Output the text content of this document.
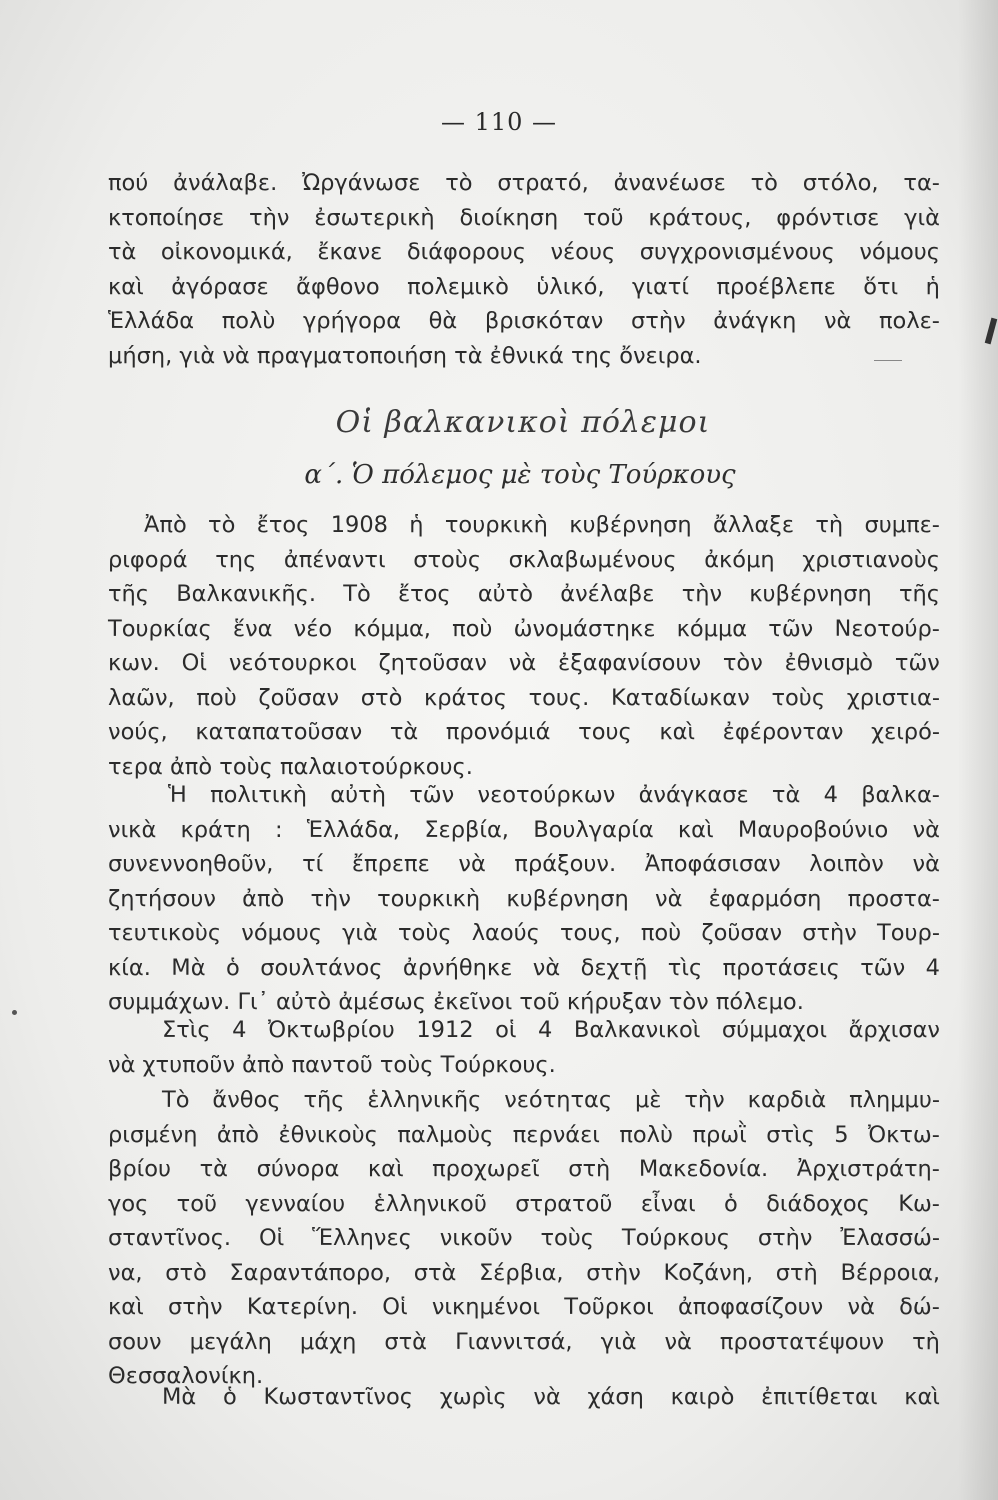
— 110 —
πού ἀνάλαβε. Ὠργάνωσε τὸ στρατό, ἀνανέωσε τὸ στόλο, τα-
κτοποίησε τὴν ἐσωτερικὴ διοίκηση τοῦ κράτους, φρόντισε γιὰ
τὰ οἰκονομικά, ἔκανε διάφορους νέους συγχρονισμένους νόμους
καὶ ἀγόρασε ἄφθονο πολεμικὸ ὑλικό, γιατί προέβλεπε ὅτι ἡ
Ἑλλάδα πολὺ γρήγορα θὰ βρισκόταν στὴν ἀνάγκη νὰ πολε-
μήση, γιὰ νὰ πραγματοποιήση τὰ ἐθνικά της ὄνειρα.
Οἱ βαλκανικοὶ πόλεμοι
α΄. Ὁ πόλεμος μὲ τοὺς Τούρκους
Ἀπὸ τὸ ἔτος 1908 ἡ τουρκικὴ κυβέρνηση ἄλλαξε τὴ συμπε-
ριφορά της ἀπέναντι στοὺς σκλαβωμένους ἀκόμη χριστιανοὺς
τῆς Βαλκανικῆς. Τὸ ἔτος αὐτὸ ἀνέλαβε τὴν κυβέρνηση τῆς
Τουρκίας ἕνα νέο κόμμα, ποὺ ὠνομάστηκε κόμμα τῶν Νεοτούρ-
κων. Οἱ νεότουρκοι ζητοῦσαν νὰ ἐξαφανίσουν τὸν ἐθνισμὸ τῶν
λαῶν, ποὺ ζοῦσαν στὸ κράτος τους. Καταδίωκαν τοὺς χριστια-
νούς, καταπατοῦσαν τὰ προνόμιά τους καὶ ἐφέρονταν χειρό-
τερα ἀπὸ τοὺς παλαιοτούρκους.
Ἡ πολιτικὴ αὐτὴ τῶν νεοτούρκων ἀνάγκασε τὰ 4 βαλκα-
νικὰ κράτη : Ἑλλάδα, Σερβία, Βουλγαρία καὶ Μαυροβούνιο νὰ
συνεννοηθοῦν, τί ἔπρεπε νὰ πράξουν. Ἀποφάσισαν λοιπὸν νὰ
ζητήσουν ἀπὸ τὴν τουρκικὴ κυβέρνηση νὰ ἐφαρμόση προστα-
τευτικοὺς νόμους γιὰ τοὺς λαούς τους, ποὺ ζοῦσαν στὴν Τουρ-
κία. Μὰ ὁ σουλτάνος ἀρνήθηκε νὰ δεχτῇ τὶς προτάσεις τῶν 4
συμμάχων. Γι᾽ αὐτὸ ἀμέσως ἐκεῖνοι τοῦ κήρυξαν τὸν πόλεμο.
Στὶς 4 Ὀκτωβρίου 1912 οἱ 4 Βαλκανικοὶ σύμμαχοι ἄρχισαν
νὰ χτυποῦν ἀπὸ παντοῦ τοὺς Τούρκους.
Τὸ ἄνθος τῆς ἑλληνικῆς νεότητας μὲ τὴν καρδιὰ πλημμυ-
ρισμένη ἀπὸ ἐθνικοὺς παλμοὺς περνάει πολὺ πρωῒ στὶς 5 Ὀκτω-
βρίου τὰ σύνορα καὶ προχωρεῖ στὴ Μακεδονία. Ἀρχιστράτη-
γος τοῦ γενναίου ἑλληνικοῦ στρατοῦ εἶναι ὁ διάδοχος Κω-
σταντῖνος. Οἱ Ἕλληνες νικοῦν τοὺς Τούρκους στὴν Ἐλασσώ-
να, στὸ Σαραντάπορο, στὰ Σέρβια, στὴν Κοζάνη, στὴ Βέρροια,
καὶ στὴν Κατερίνη. Οἱ νικημένοι Τοῦρκοι ἀποφασίζουν νὰ δώ-
σουν μεγάλη μάχη στὰ Γιαννιτσά, γιὰ νὰ προστατέψουν τὴ
Θεσσαλονίκη.
Μὰ ὁ Κωσταντῖνος χωρὶς νὰ χάση καιρὸ ἐπιτίθεται καὶ
